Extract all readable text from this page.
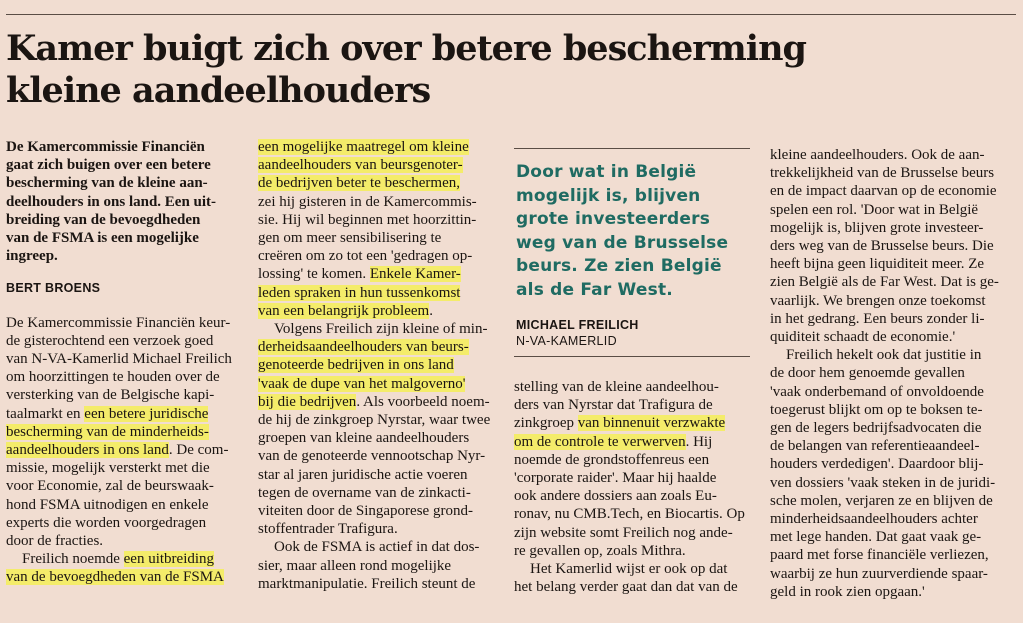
Kamer buigt zich over betere bescherming
kleine aandeelhouders

De Kamercommissie Financiën
gaat zich buigen over een betere
bescherming van de kleine aan-
deelhouders in ons land. Een uit-
breiding van de bevoegdheden
van de FSMA is een mogelijke
ingreep.

BERT BROENS

De Kamercommissie Financiën keur-
de gisterochtend een verzoek goed
van N-VA-Kamerlid Michael Freilich
om hoorzittingen te houden over de
versterking van de Belgische kapi-
taalmarkt en een betere juridische
bescherming van de minderheids-
aandeelhouders in ons land. De com-
missie, mogelijk versterkt met die
voor Economie, zal de beurswaak-
hond FSMA uitnodigen en enkele
experts die worden voorgedragen
door de fracties.

Freilich noemde een uitbreiding
van de bevoegdheden van de FSMA

een mogelijke maatregel om kleine
aandeelhouders van beursgenoter-
de bedrijven beter te beschermen,
zei hij gisteren in de Kamercommis-
sie. Hij wil beginnen met hoorzittin-
gen om meer sensibilisering te
creëren om zo tot een 'gedragen op-
lossing' te komen. Enkele Kamer-
leden spraken in hun tussenkomst
van een belangrijk probleem.

Volgens Freilich zijn kleine of min-
derheidsaandeelhouders van beurs-
genoteerde bedrijven in ons land
'vaak de dupe van het malgoverno'
bij die bedrijven. Als voorbeeld noem-
de hij de zinkgroep Nyrstar, waar twee
groepen van kleine aandeelhouders
van de genoteerde vennootschap Nyr-
star al jaren juridische actie voeren
tegen de overname van de zinkacti-
viteiten door de Singaporese grond-
stoffentrader Trafigura.

Ook de FSMA is actief in dat dos-
sier, maar alleen rond mogelijke
marktmanipulatie. Freilich steunt de

Door wat in België
mogelijk is, blijven
grote investeerders
weg van de Brusselse
beurs. Ze zien België
als de Far West.
MICHAEL FREILICH
N-VA-KAMERLID

stelling van de kleine aandeelhou-
ders van Nyrstar dat Trafigura de
zinkgroep van binnenuit verzwakte
om de controle te verwerven. Hij
noemde de grondstoffenreus een
'corporate raider'. Maar hij haalde
ook andere dossiers aan zoals Eu-
ronav, nu CMB.Tech, en Biocartis. Op
zijn website somt Freilich nog ande-
re gevallen op, zoals Mithra.

Het Kamerlid wijst er ook op dat
het belang verder gaat dan dat van de

kleine aandeelhouders. Ook de aan-
trekkelijkheid van de Brusselse beurs
en de impact daarvan op de economie
spelen een rol. 'Door wat in België
mogelijk is, blijven grote investeer-
ders weg van de Brusselse beurs. Die
heeft bijna geen liquiditeit meer. Ze
zien België als de Far West. Dat is ge-
vaarlijk. We brengen onze toekomst
in het gedrang. Een beurs zonder li-
quiditeit schaadt de economie.'

Freilich hekelt ook dat justitie in
de door hem genoemde gevallen
'vaak onderbemand of onvoldoende
toegerust blijkt om op te boksen te-
gen de legers bedrijfsadvocaten die
de belangen van referentieaandeel-
houders verdedigen'. Daardoor blij-
ven dossiers 'vaak steken in de juridi-
sche molen, verjaren ze en blijven de
minderheidsaandeelhouders achter
met lege handen. Dat gaat vaak ge-
paard met forse financiële verliezen,
waarbij ze hun zuurverdiende spaar-
geld in rook zien opgaan.'
